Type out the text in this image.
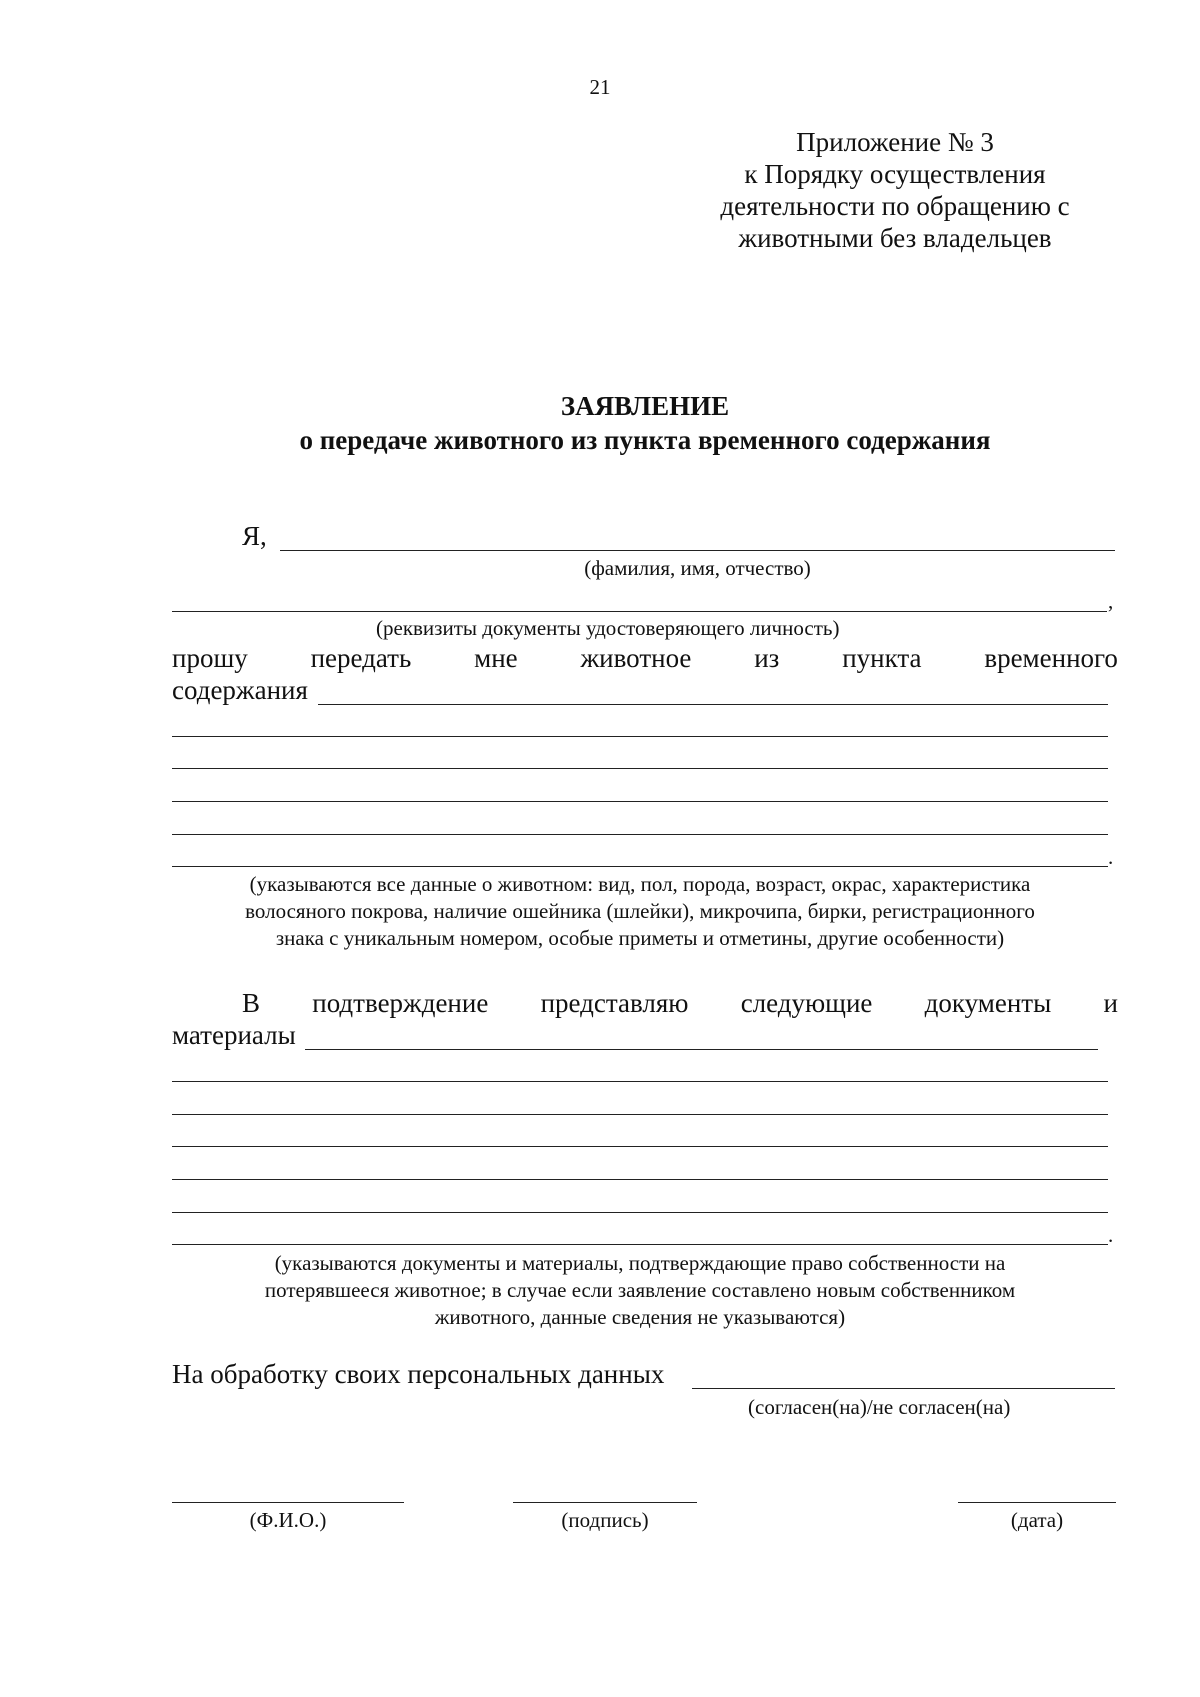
21
Приложение № 3
к Порядку осуществления
деятельности по обращению с
животными без владельцев
ЗАЯВЛЕНИЕ
о передаче животного из пункта временного содержания
Я,
(фамилия, имя, отчество)
,
(реквизиты документы удостоверяющего личность)
прошу передать мне животное из пункта временного
содержания
.
(указываются все данные о животном: вид, пол, порода, возраст, окрас, характеристика
волосяного покрова, наличие ошейника (шлейки), микрочипа, бирки, регистрационного
знака с уникальным номером, особые приметы и отметины, другие особенности)
В подтверждение представляю следующие документы и
материалы
.
(указываются документы и материалы, подтверждающие право собственности на
потерявшееся животное; в случае если заявление составлено новым собственником
животного, данные сведения не указываются)
На обработку своих персональных данных
(согласен(на)/не согласен(на)
(Ф.И.О.)	(подпись)	(дата)
